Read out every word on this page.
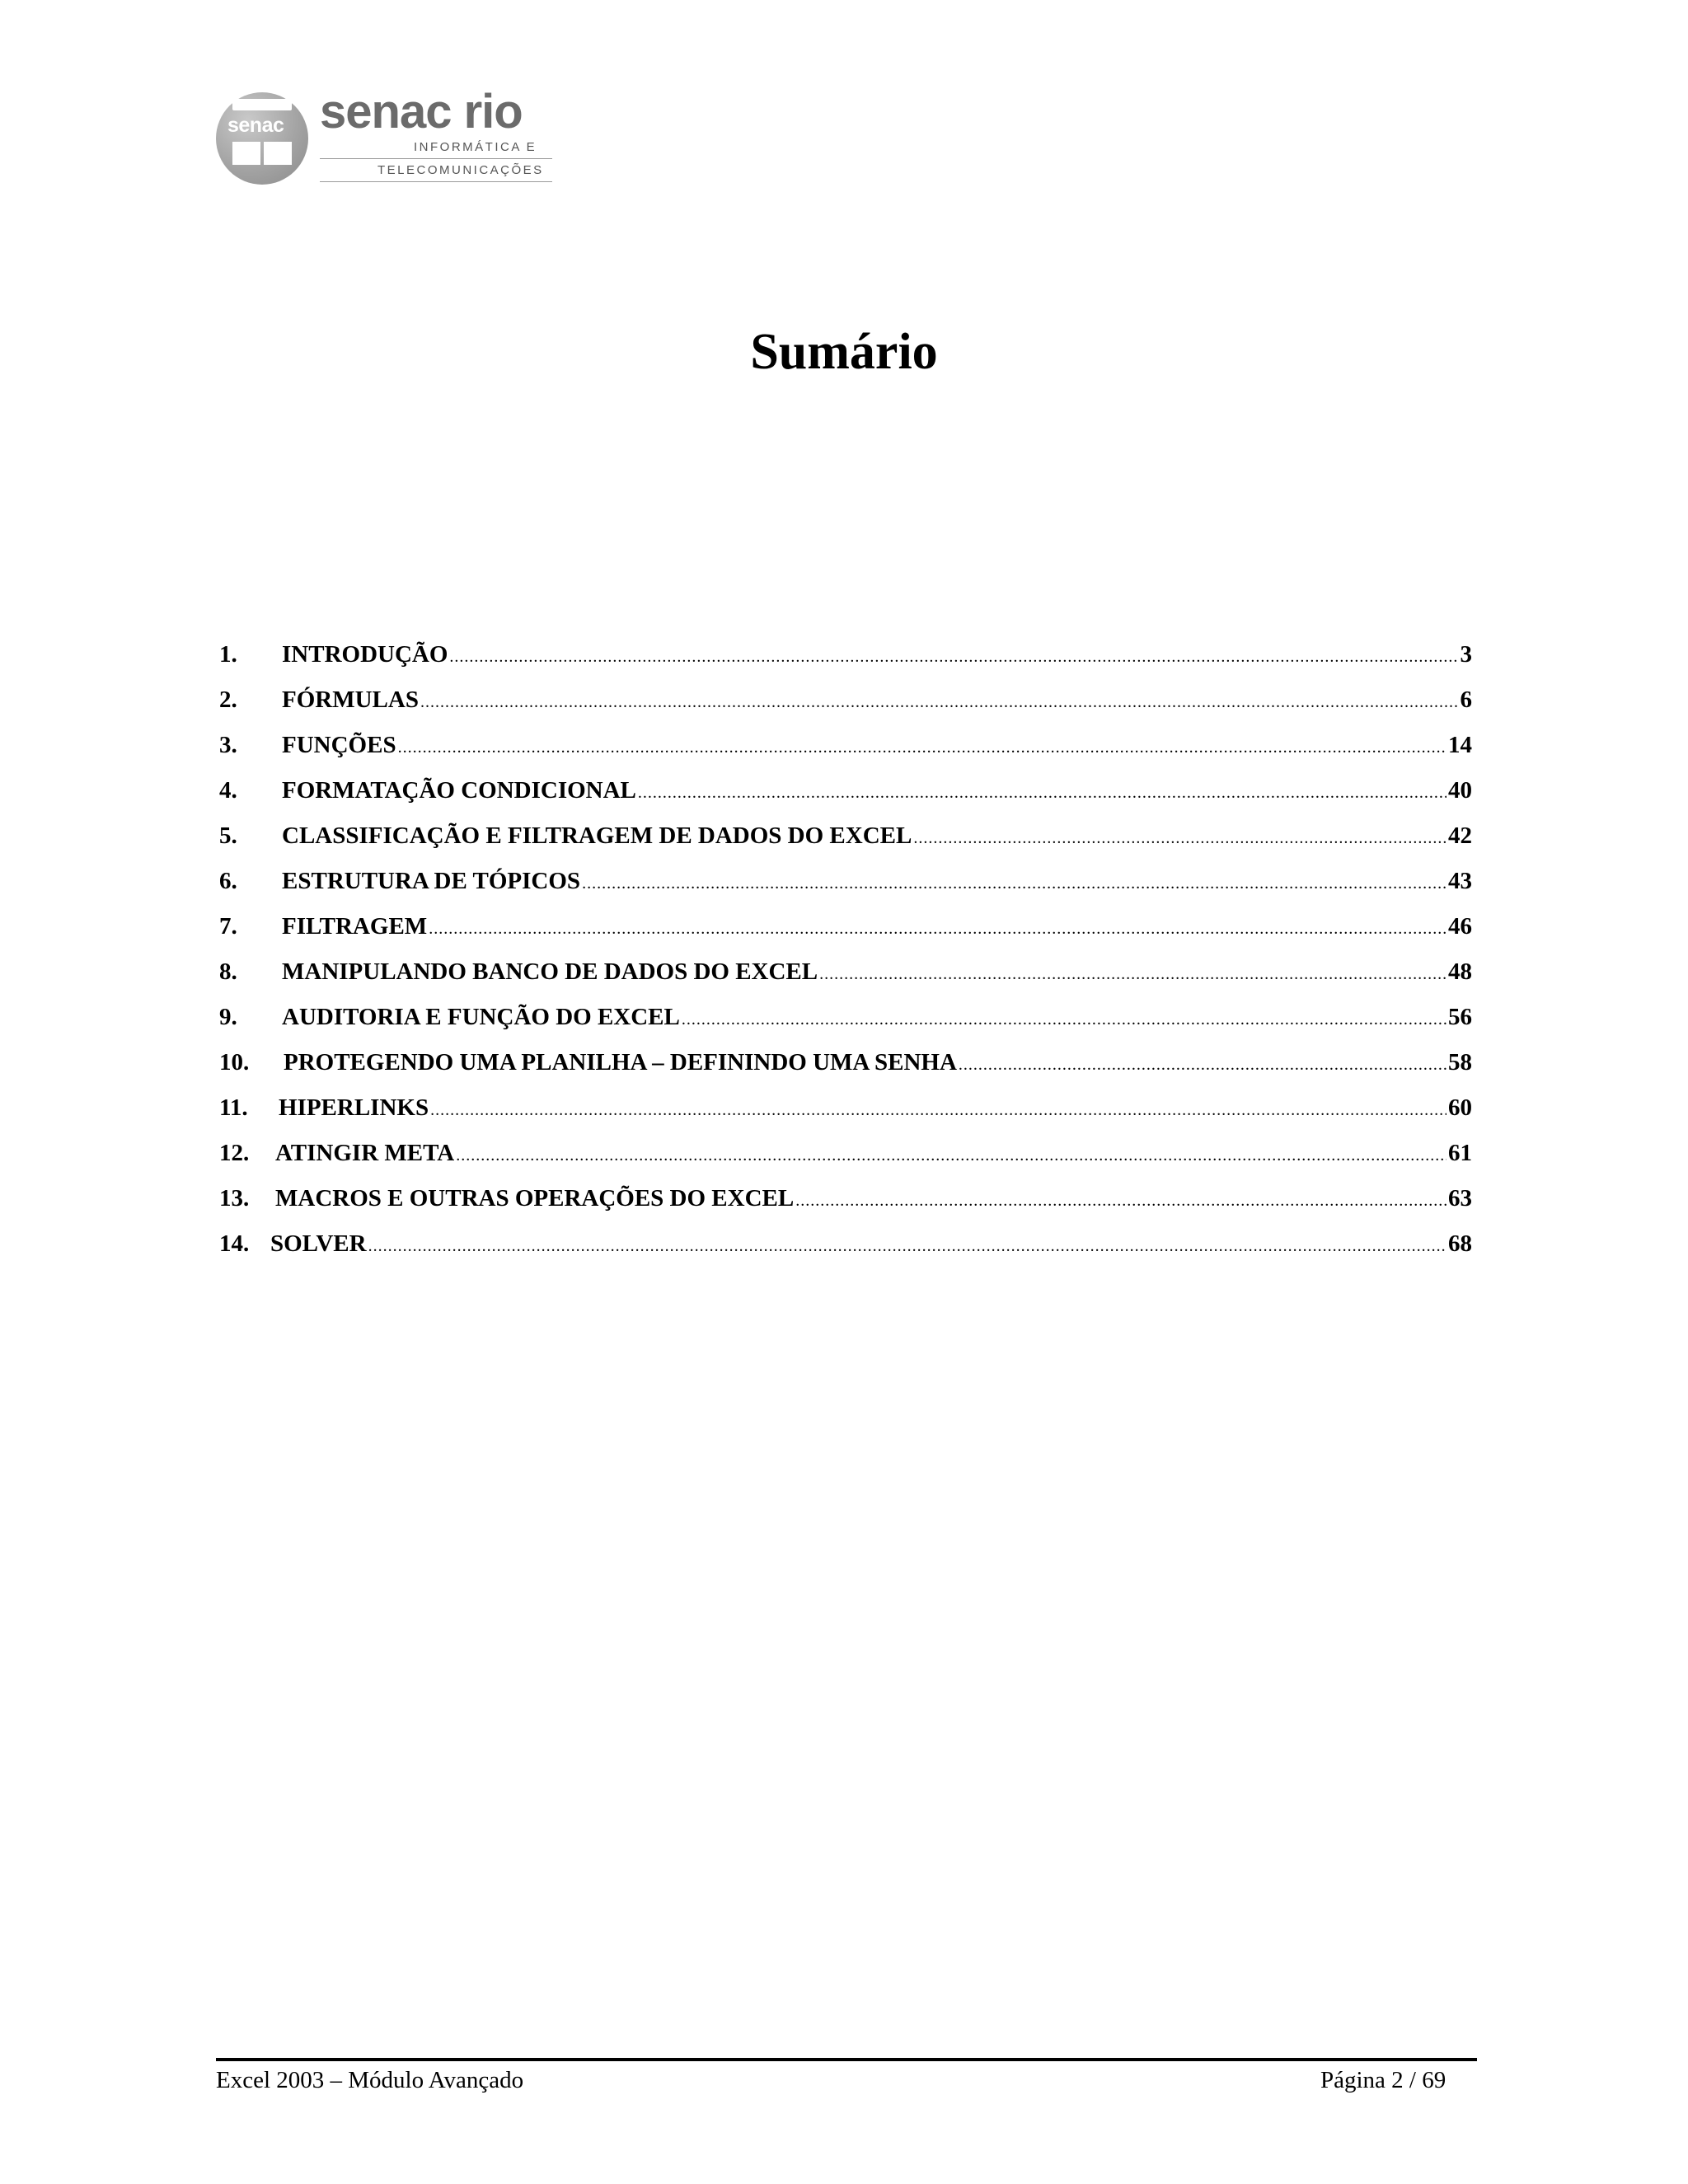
senac senac rio
INFORMÁTICA E
TELECOMUNICAÇÕES
Sumário
1.	INTRODUÇÃO .....	3
2.	FÓRMULAS .....	6
3.	FUNÇÕES .....	14
4.	FORMATAÇÃO CONDICIONAL .....	40
5.	CLASSIFICAÇÃO E FILTRAGEM DE DADOS DO EXCEL .....	42
6.	ESTRUTURA DE TÓPICOS .....	43
7.	FILTRAGEM .....	46
8.	MANIPULANDO BANCO DE DADOS DO EXCEL .....	48
9.	AUDITORIA E FUNÇÃO DO EXCEL .....	56
10.	PROTEGENDO UMA PLANILHA – DEFININDO UMA SENHA .....	58
11.	HIPERLINKS .....	60
12.	ATINGIR META .....	61
13.	MACROS E OUTRAS OPERAÇÕES DO EXCEL .....	63
14. SOLVER .....	68
Excel 2003 – Módulo Avançado	Página 2 / 69
